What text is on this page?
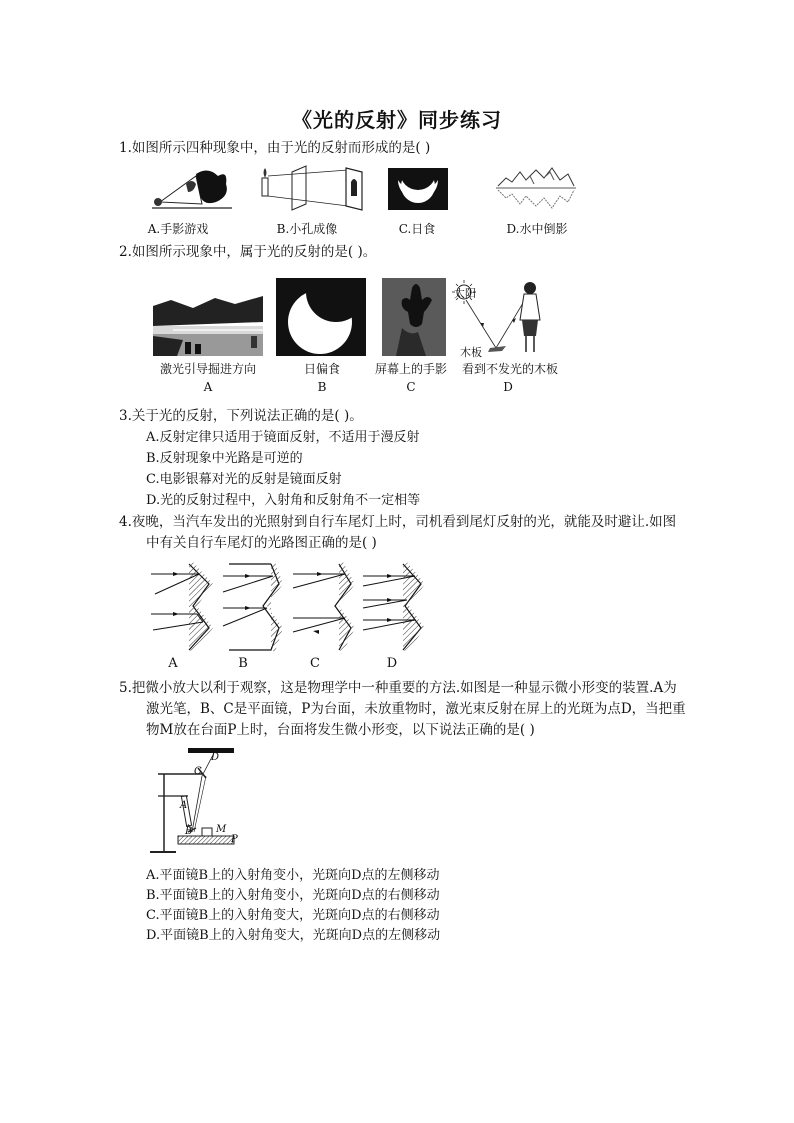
《光的反射》同步练习
1.如图所示四种现象中，由于光的反射而形成的是( )
A.手影游戏	B.小孔成像	C.日食	D.水中倒影
2.如图所示现象中，属于光的反射的是( )。
太阳
木板
激光引导掘进方向	日偏食	屏幕上的手影	看到不发光的木板
A	B	C	D
3.关于光的反射，下列说法正确的是( )。
A.反射定律只适用于镜面反射，不适用于漫反射
B.反射现象中光路是可逆的
C.电影银幕对光的反射是镜面反射
D.光的反射过程中，入射角和反射角不一定相等
4.夜晚，当汽车发出的光照射到自行车尾灯上时，司机看到尾灯反射的光，就能及时避让.如图
中有关自行车尾灯的光路图正确的是( )
A	B	C	D
5.把微小放大以利于观察，这是物理学中一种重要的方法.如图是一种显示微小形变的装置.A为
激光笔，B、C是平面镜，P为台面，未放重物时，激光束反射在屏上的光斑为点D，当把重
物M放在台面P上时，台面将发生微小形变，以下说法正确的是( )
D
C
A
B M
P
A.平面镜B上的入射角变小，光斑向D点的左侧移动
B.平面镜B上的入射角变小，光斑向D点的右侧移动
C.平面镜B上的入射角变大，光斑向D点的右侧移动
D.平面镜B上的入射角变大，光斑向D点的左侧移动
